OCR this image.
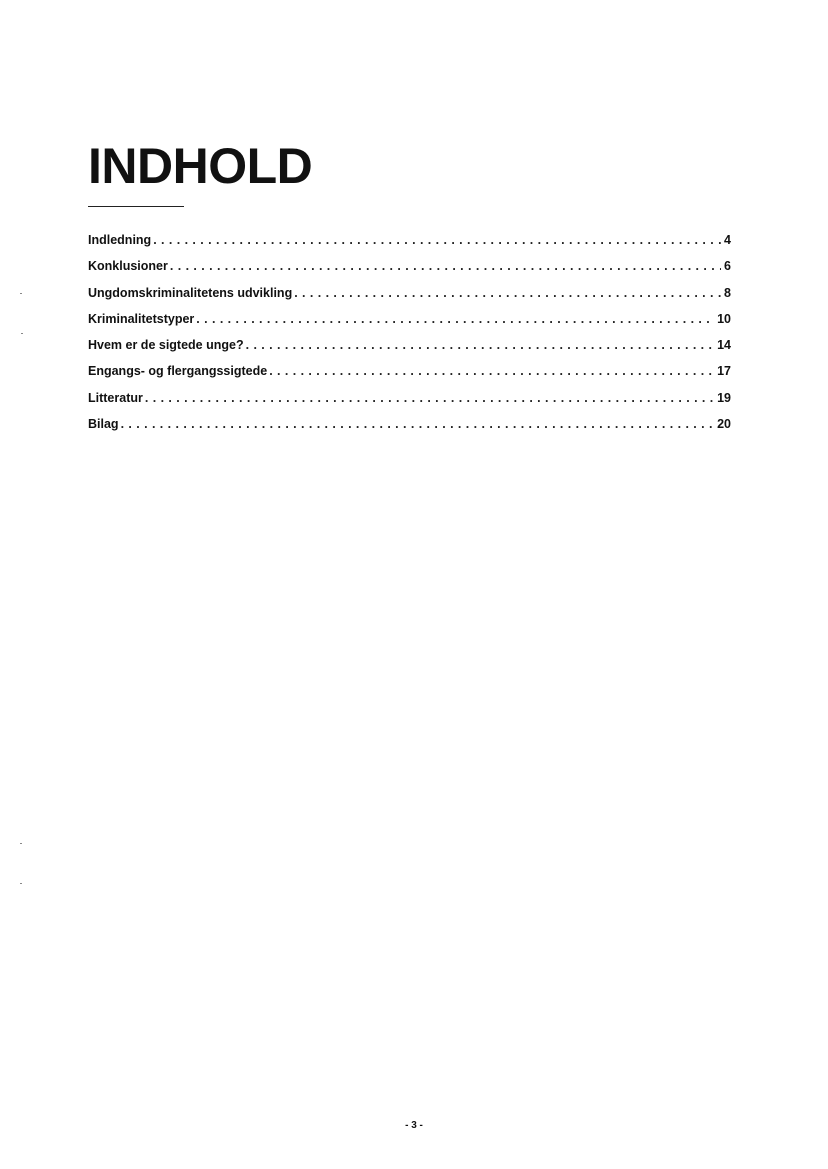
INDHOLD
Indledning . . .	4
Konklusioner . . .	6
Ungdomskriminalitetens udvikling . . .	8
Kriminalitetstyper . . .	10
Hvem er de sigtede unge? . . .	14
Engangs- og flergangssigtede . . .	17
Litteratur . . .	19
Bilag . . .	20
- 3 -
